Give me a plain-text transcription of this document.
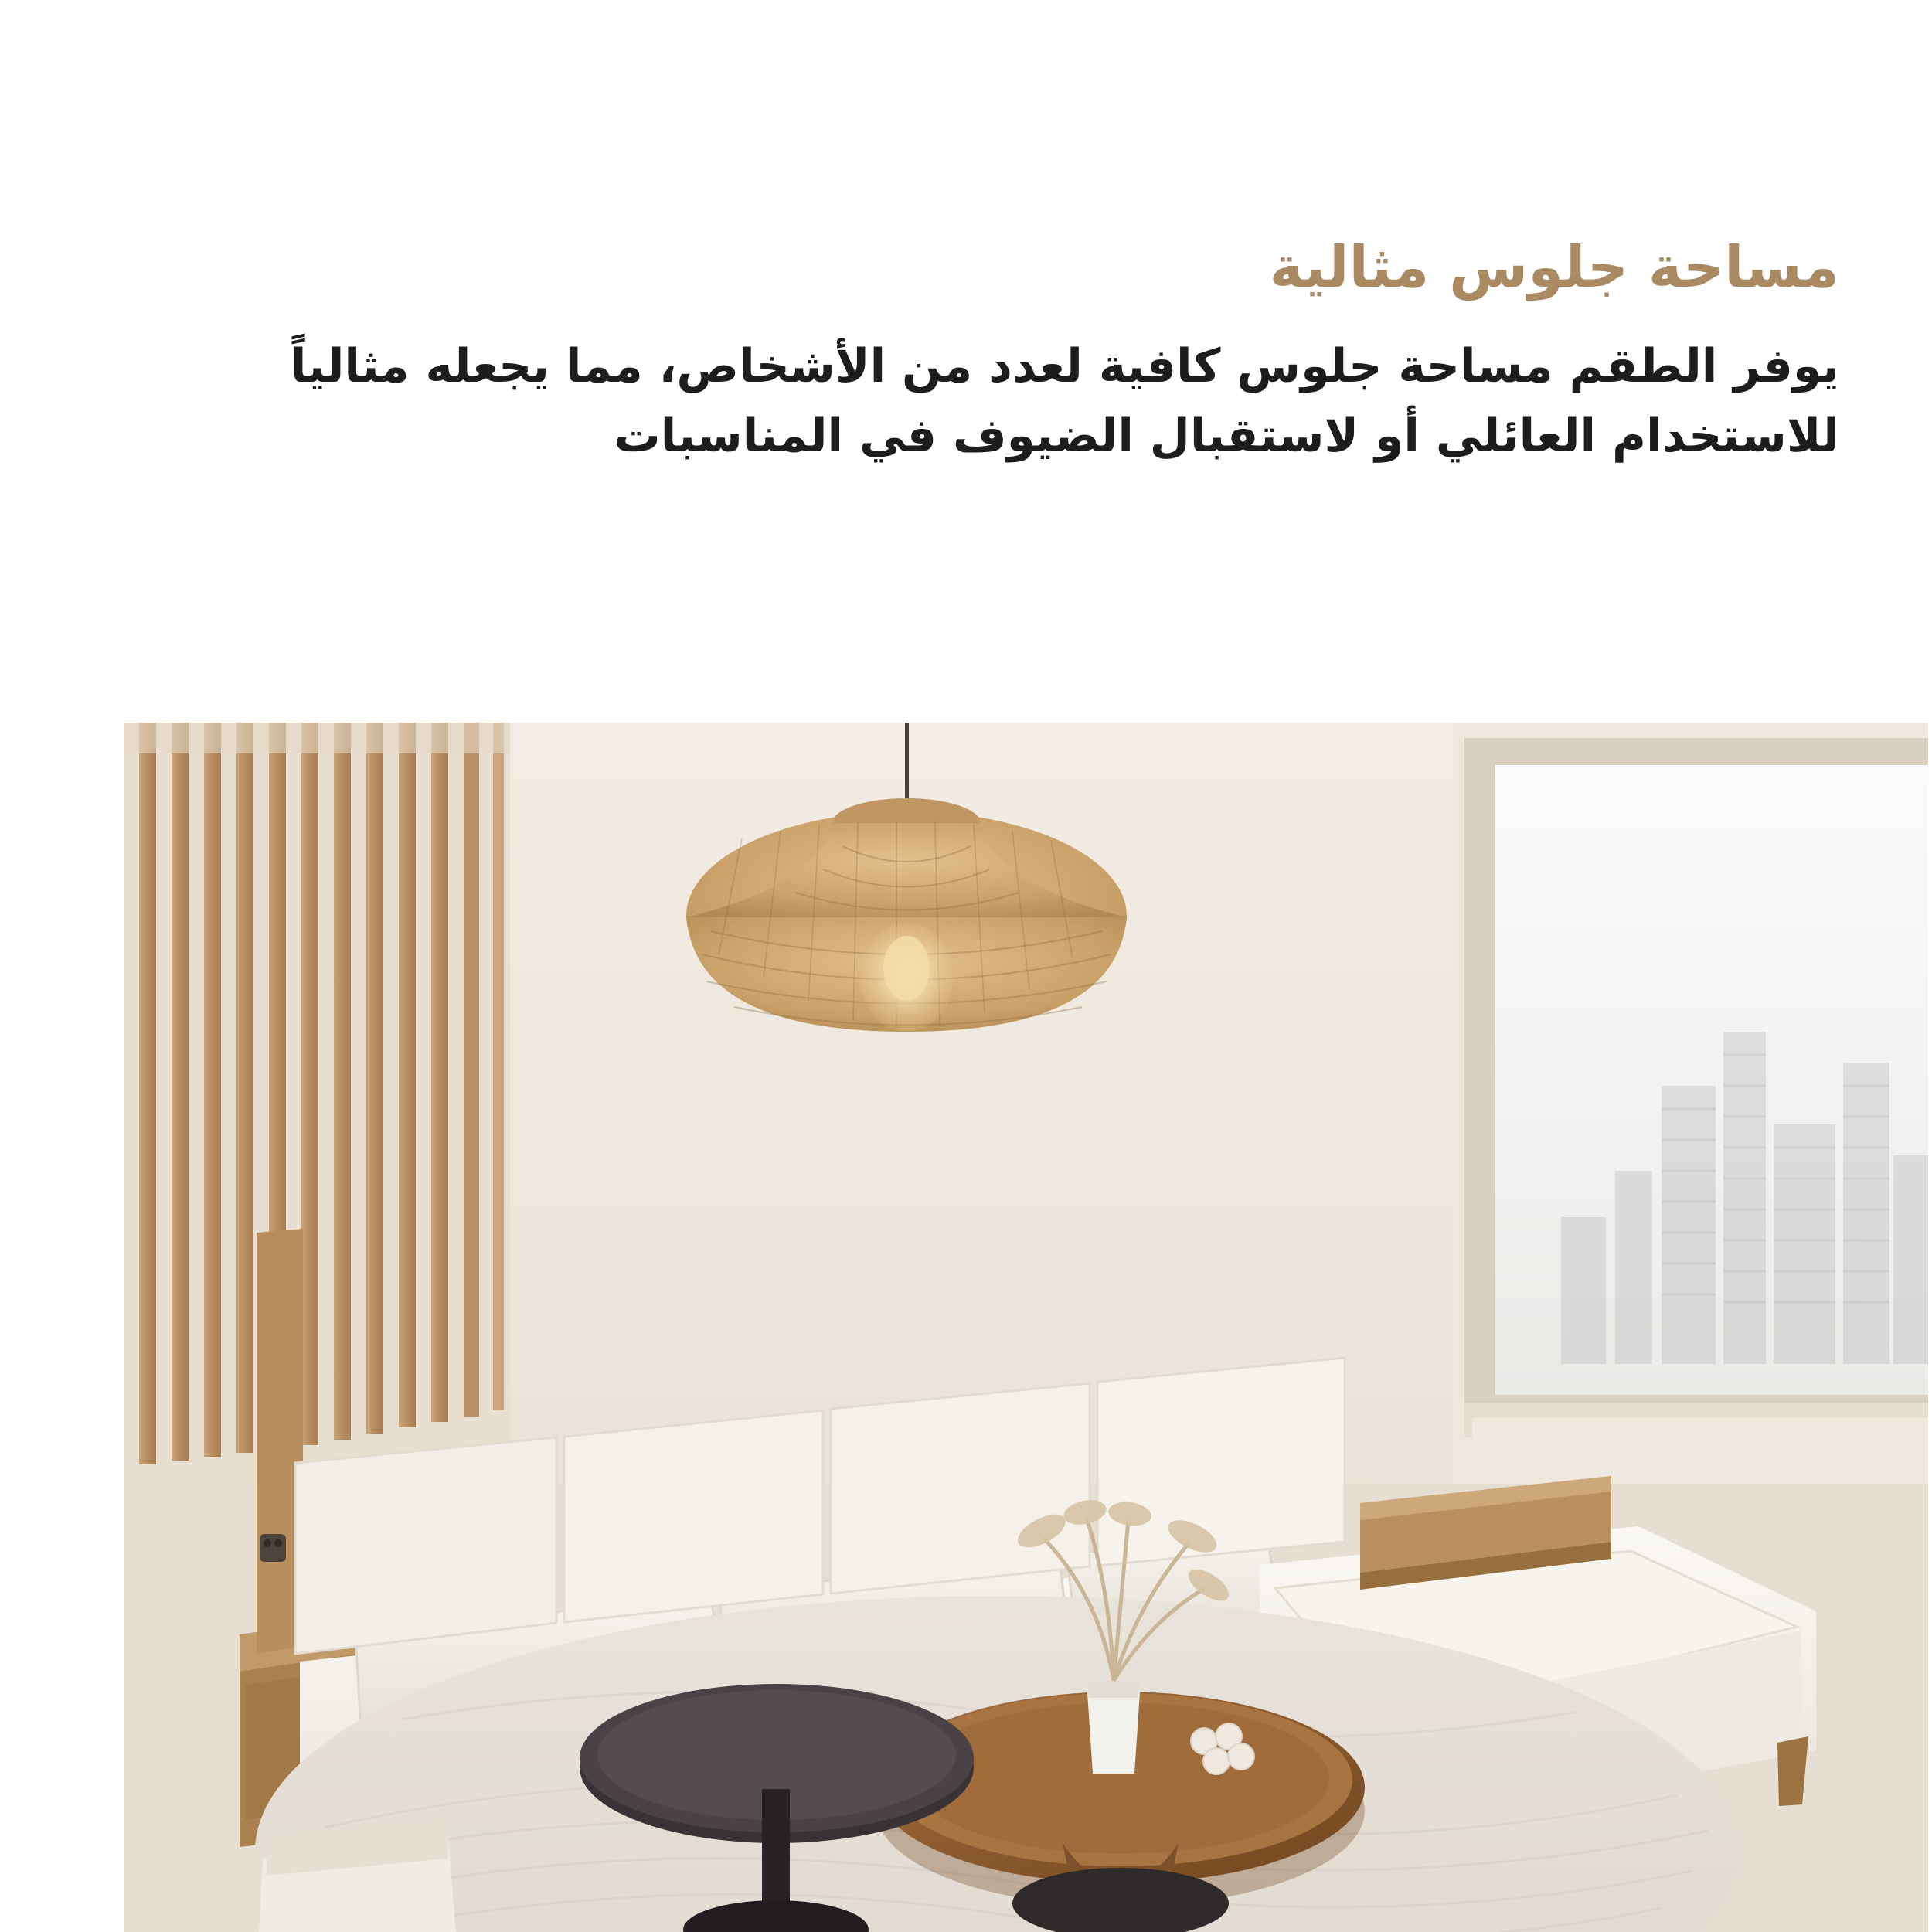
مساحة جلوس مثالية

يوفر الطقم مساحة جلوس كافية لعدد من الأشخاص، مما يجعله مثالياً للاستخدام العائلي أو لاستقبال الضيوف في المناسبات
